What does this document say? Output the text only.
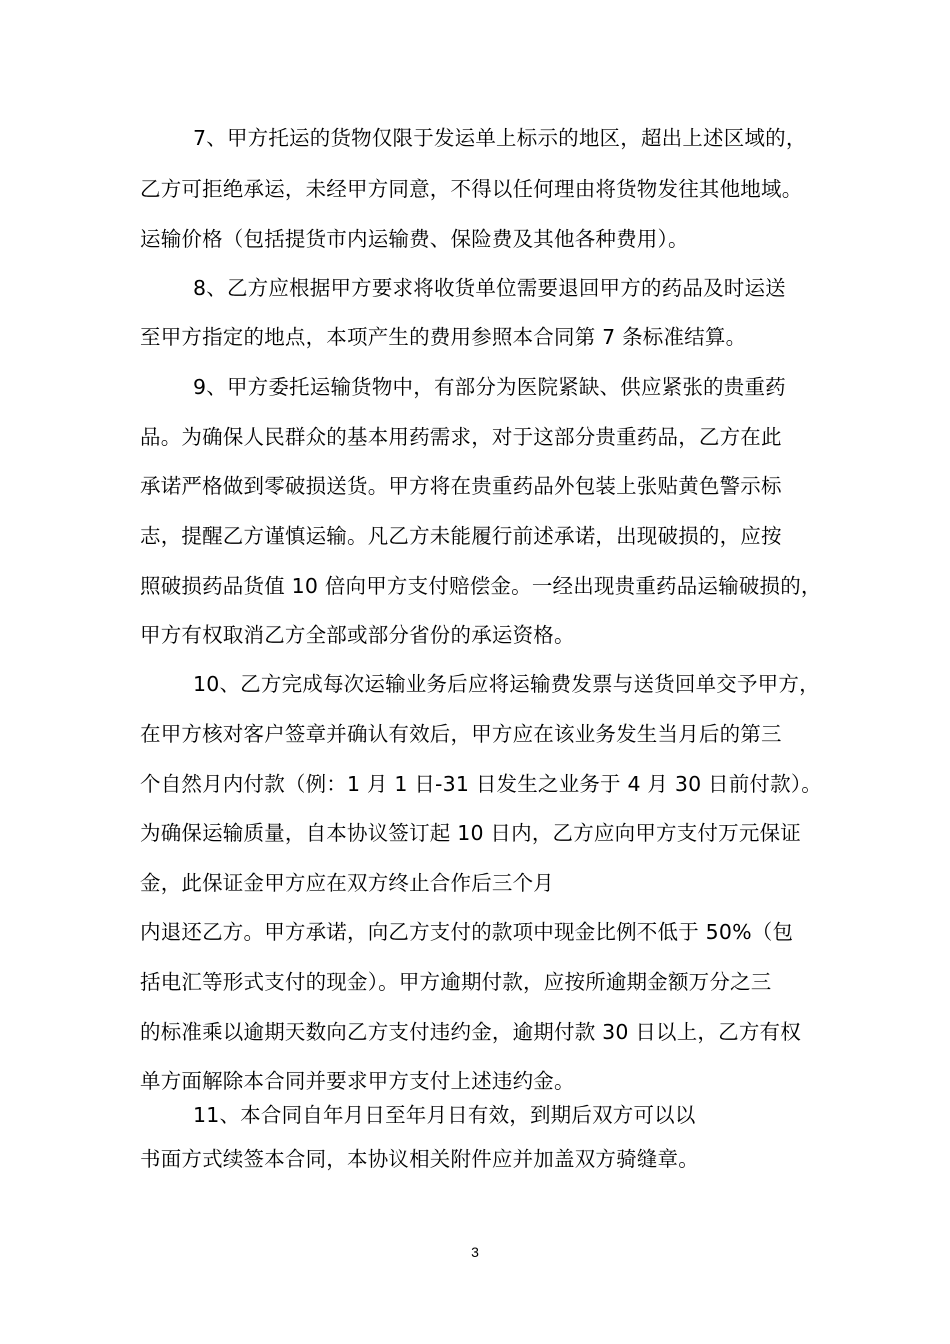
7、甲方托运的货物仅限于发运单上标示的地区，超出上述区域的，
乙方可拒绝承运，未经甲方同意，不得以任何理由将货物发往其他地域。
运输价格（包括提货市内运输费、保险费及其他各种费用）。
8、乙方应根据甲方要求将收货单位需要退回甲方的药品及时运送
至甲方指定的地点，本项产生的费用参照本合同第 7 条标准结算。
9、甲方委托运输货物中，有部分为医院紧缺、供应紧张的贵重药
品。为确保人民群众的基本用药需求，对于这部分贵重药品，乙方在此
承诺严格做到零破损送货。甲方将在贵重药品外包装上张贴黄色警示标
志，提醒乙方谨慎运输。凡乙方未能履行前述承诺，出现破损的，应按
照破损药品货值 10 倍向甲方支付赔偿金。一经出现贵重药品运输破损的，
甲方有权取消乙方全部或部分省份的承运资格。
10、乙方完成每次运输业务后应将运输费发票与送货回单交予甲方，
在甲方核对客户签章并确认有效后，甲方应在该业务发生当月后的第三
个自然月内付款（例：1 月 1 日-31 日发生之业务于 4 月 30 日前付款）。
为确保运输质量，自本协议签订起 10 日内，乙方应向甲方支付万元保证
金，此保证金甲方应在双方终止合作后三个月
内退还乙方。甲方承诺，向乙方支付的款项中现金比例不低于 50%（包
括电汇等形式支付的现金）。甲方逾期付款，应按所逾期金额万分之三
的标准乘以逾期天数向乙方支付违约金，逾期付款 30 日以上，乙方有权
单方面解除本合同并要求甲方支付上述违约金。
11、本合同自年月日至年月日有效，到期后双方可以以
书面方式续签本合同，本协议相关附件应并加盖双方骑缝章。
3
